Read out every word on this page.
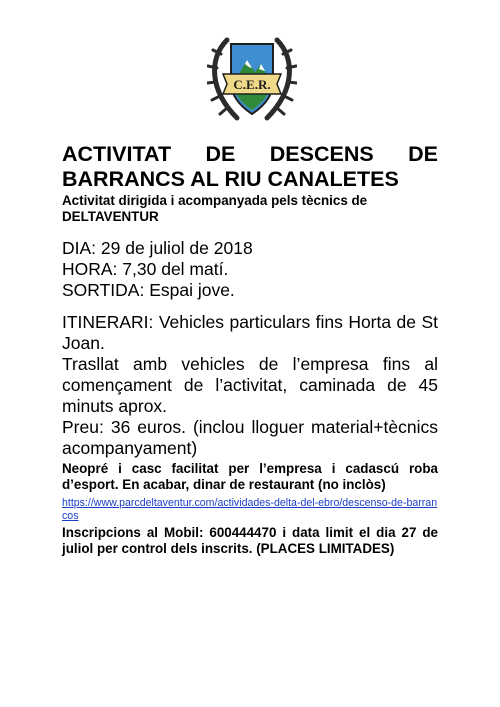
C.E.R.

ACTIVITAT DE DESCENS DE BARRANCS AL RIU CANALETES

Activitat dirigida i acompanyada pels tècnics de DELTAVENTUR

DIA: 29 de juliol de 2018

HORA: 7,30 del matí.

SORTIDA: Espai jove.

ITINERARI: Vehicles particulars fins Horta de St Joan.

Trasllat amb vehicles de l’empresa fins al començament de l’activitat, caminada de 45 minuts aprox.

Preu: 36 euros. (inclou lloguer material+tècnics acompanyament)

Neopré i casc facilitat per l’empresa i cadascú roba d’esport. En acabar, dinar de restaurant (no inclòs)

https://www.parcdeltaventur.com/actividades-delta-del-ebro/descenso-de-barrancos

Inscripcions al Mobil: 600444470 i data limit el dia 27 de juliol per control dels inscrits. (PLACES LIMITADES)
